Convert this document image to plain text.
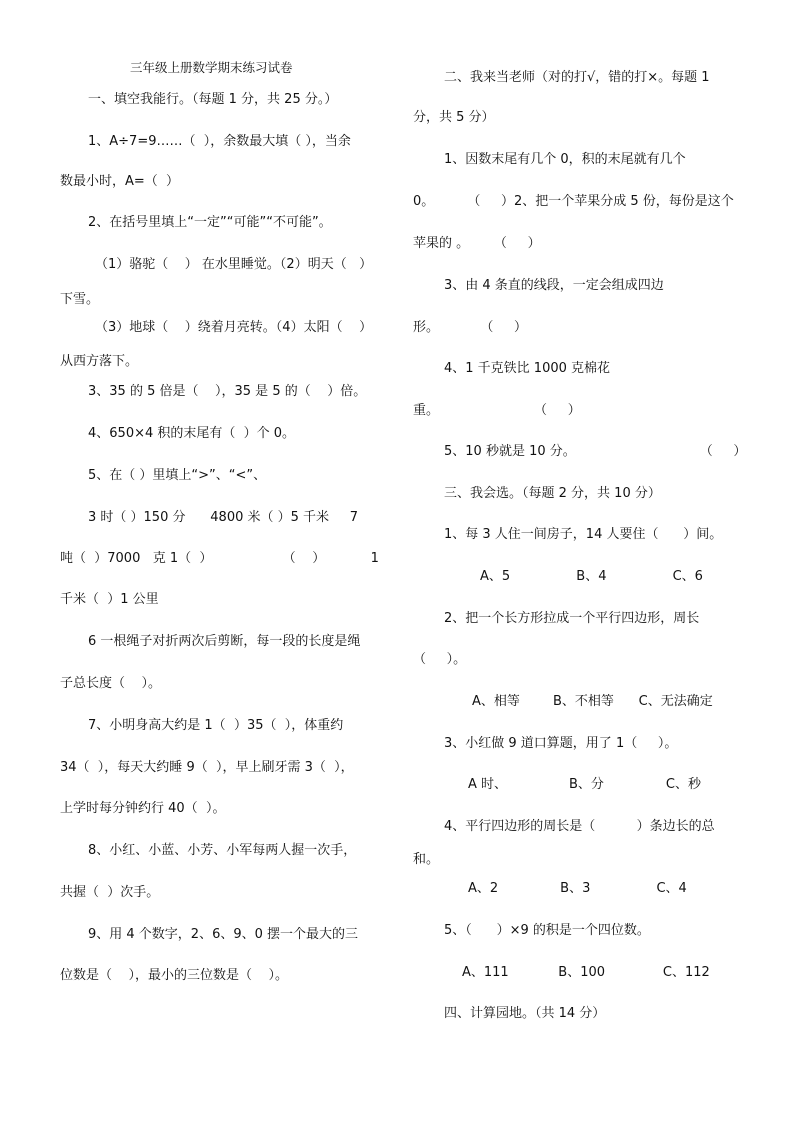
三年级上册数学期末练习试卷
一、填空我能行。（每题 1 分，共 25 分。）
1、A÷7=9……（  ），余数最大填（ ），当余
数最小时，A=（  ）
2、在括号里填上“一定”“可能”“不可能”。
（1）骆驼（    ） 在水里睡觉。（2）明天（   ）
下雪。
（3）地球（    ）绕着月亮转。（4）太阳（    ）
从西方落下。
3、35 的 5 倍是（    ），35 是 5 的（    ）倍。
4、650×4 积的末尾有（  ）个 0。
5、在（ ）里填上“>”、“<”、
3 时（ ）150 分      4800 米（ ）5 千米     7
吨（  ）7000   克 1（  ）                 （    ）           1
千米（  ）1 公里
6 一根绳子对折两次后剪断，每一段的长度是绳
子总长度（    ）。
7、小明身高大约是 1（  ）35（  ），体重约
34（  ），每天大约睡 9（  ），早上刷牙需 3（  ），
上学时每分钟约行 40（  ）。
8、小红、小蓝、小芳、小军每两人握一次手，
共握（  ）次手。
9、用 4 个数字，2、6、9、0 摆一个最大的三
位数是（    ），最小的三位数是（    ）。
二、我来当老师（对的打√，错的打×。每题 1
分，共 5 分）
1、因数末尾有几个 0，积的末尾就有几个
0。        （     ）2、把一个苹果分成 5 份，每份是这个
苹果的 。      （     ）
3、由 4 条直的线段，一定会组成四边
形。          （     ）
4、1 千克铁比 1000 克棉花
重。                       （     ）
5、10 秒就是 10 分。                              （     ）
三、我会选。（每题 2 分，共 10 分）
1、每 3 人住一间房子，14 人要住（      ）间。
A、5                B、4                C、6
2、把一个长方形拉成一个平行四边形，周长
（     ）。
A、相等        B、不相等      C、无法确定
3、小红做 9 道口算题，用了 1（     ）。
A 时、               B、分               C、秒
4、平行四边形的周长是（          ）条边长的总
和。
A、2               B、3                C、4
5、（      ）×9 的积是一个四位数。
A、111            B、100              C、112
四、计算园地。（共 14 分）
